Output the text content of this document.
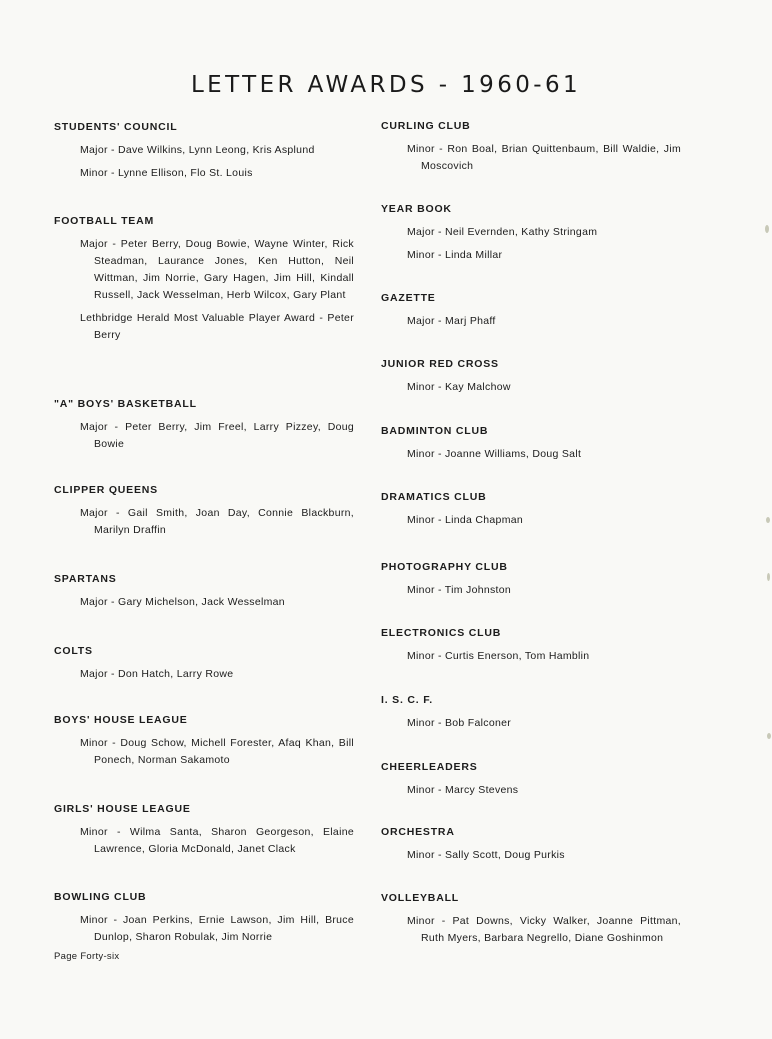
LETTER AWARDS - 1960-61
STUDENTS' COUNCIL
Major - Dave Wilkins, Lynn Leong, Kris Asplund
Minor - Lynne Ellison, Flo St. Louis
FOOTBALL TEAM
Major - Peter Berry, Doug Bowie, Wayne Winter, Rick Steadman, Laurance Jones, Ken Hutton, Neil Wittman, Jim Norrie, Gary Hagen, Jim Hill, Kindall Russell, Jack Wesselman, Herb Wilcox, Gary Plant
Lethbridge Herald Most Valuable Player Award - Peter Berry
"A" BOYS' BASKETBALL
Major - Peter Berry, Jim Freel, Larry Pizzey, Doug Bowie
CLIPPER QUEENS
Major - Gail Smith, Joan Day, Connie Blackburn, Marilyn Draffin
SPARTANS
Major - Gary Michelson, Jack Wesselman
COLTS
Major - Don Hatch, Larry Rowe
BOYS' HOUSE LEAGUE
Minor - Doug Schow, Michell Forester, Afaq Khan, Bill Ponech, Norman Sakamoto
GIRLS' HOUSE LEAGUE
Minor - Wilma Santa, Sharon Georgeson, Elaine Lawrence, Gloria McDonald, Janet Clack
BOWLING CLUB
Minor - Joan Perkins, Ernie Lawson, Jim Hill, Bruce Dunlop, Sharon Robulak, Jim Norrie
CURLING CLUB
Minor - Ron Boal, Brian Quittenbaum, Bill Waldie, Jim Moscovich
YEAR BOOK
Major - Neil Evernden, Kathy Stringam
Minor - Linda Millar
GAZETTE
Major - Marj Phaff
JUNIOR RED CROSS
Minor - Kay Malchow
BADMINTON CLUB
Minor - Joanne Williams, Doug Salt
DRAMATICS CLUB
Minor - Linda Chapman
PHOTOGRAPHY CLUB
Minor - Tim Johnston
ELECTRONICS CLUB
Minor - Curtis Enerson, Tom Hamblin
I. S. C. F.
Minor - Bob Falconer
CHEERLEADERS
Minor - Marcy Stevens
ORCHESTRA
Minor - Sally Scott, Doug Purkis
VOLLEYBALL
Minor - Pat Downs, Vicky Walker, Joanne Pittman, Ruth Myers, Barbara Negrello, Diane Goshinmon
Page Forty-six
